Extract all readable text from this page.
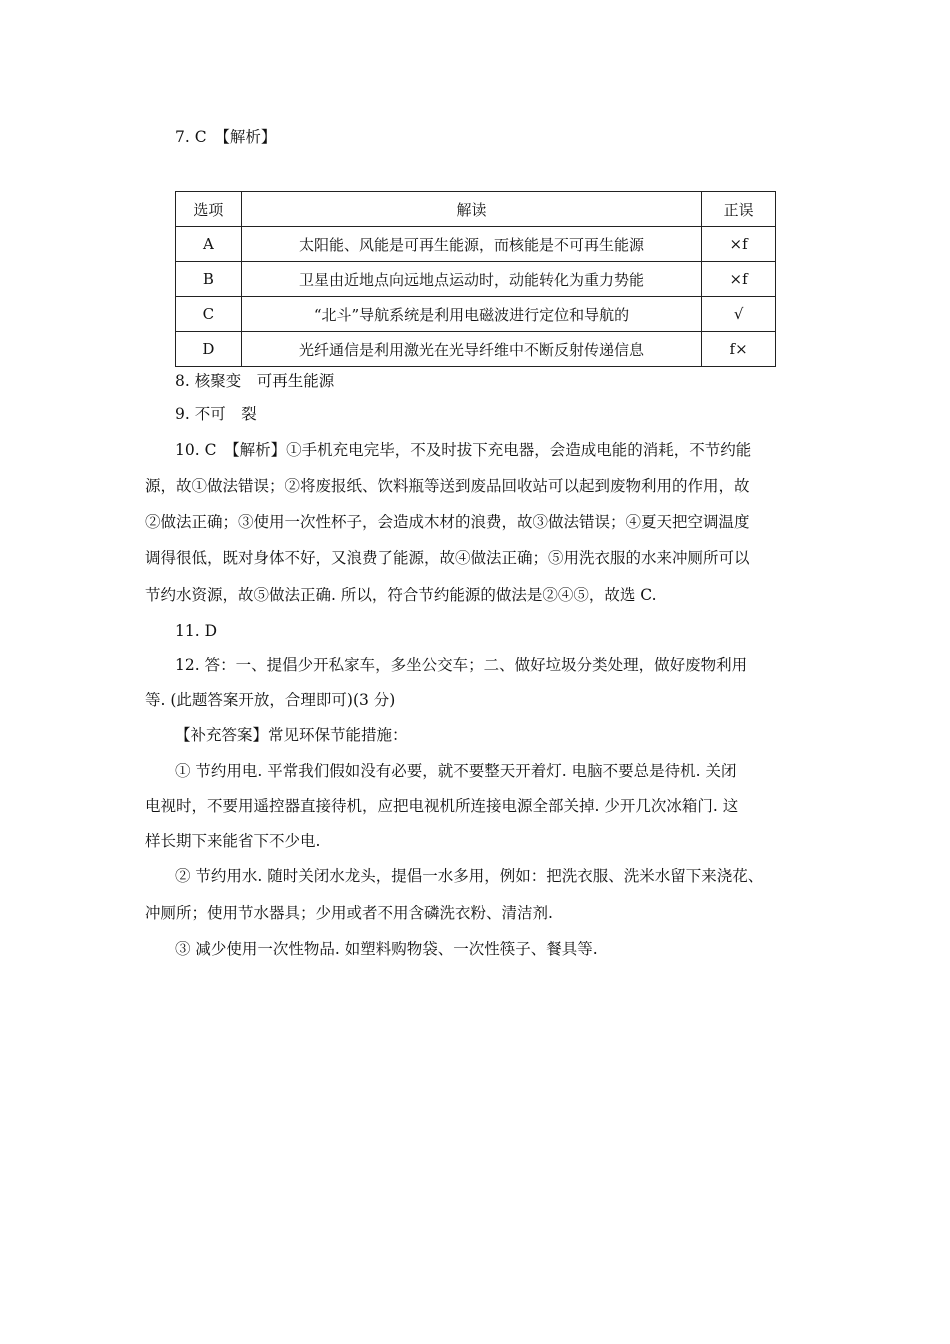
7. C　【解析】
选项	解读	正误
A	太阳能、风能是可再生能源，而核能是不可再生能源	×f
B	卫星由近地点向远地点运动时，动能转化为重力势能	×f
C	“北斗”导航系统是利用电磁波进行定位和导航的	√
D	光纤通信是利用激光在光导纤维中不断反射传递信息	f×
8. 核聚变　可再生能源
9. 不可　裂
10. C　【解析】①手机充电完毕，不及时拔下充电器，会造成电能的消耗，不节约能
源，故①做法错误；②将废报纸、饮料瓶等送到废品回收站可以起到废物利用的作用，故
②做法正确；③使用一次性杯子，会造成木材的浪费，故③做法错误；④夏天把空调温度
调得很低，既对身体不好，又浪费了能源，故④做法正确；⑤用洗衣服的水来冲厕所可以
节约水资源，故⑤做法正确. 所以，符合节约能源的做法是②④⑤，故选 C.
11. D
12. 答：一、提倡少开私家车，多坐公交车；二、做好垃圾分类处理，做好废物利用
等. (此题答案开放，合理即可)(3 分)
【补充答案】常见环保节能措施：
① 节约用电. 平常我们假如没有必要，就不要整天开着灯. 电脑不要总是待机. 关闭
电视时，不要用遥控器直接待机，应把电视机所连接电源全部关掉. 少开几次冰箱门. 这
样长期下来能省下不少电.
② 节约用水. 随时关闭水龙头，提倡一水多用，例如：把洗衣服、洗米水留下来浇花、
冲厕所；使用节水器具；少用或者不用含磷洗衣粉、清洁剂.
③ 减少使用一次性物品. 如塑料购物袋、一次性筷子、餐具等.
